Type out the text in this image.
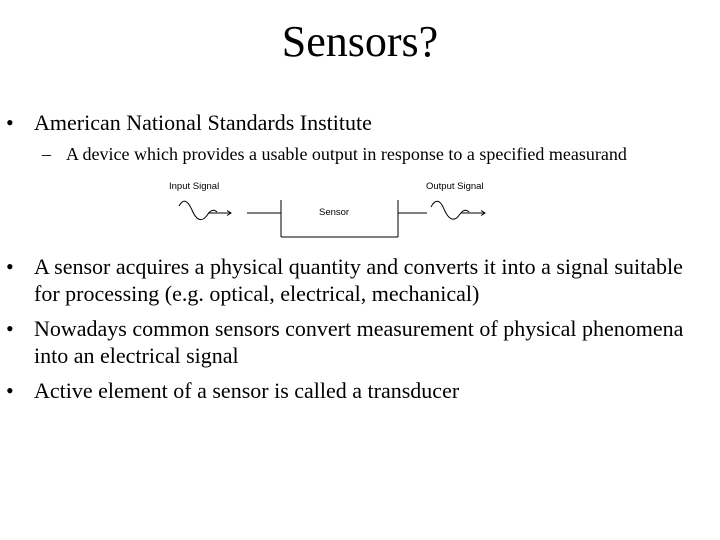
Sensors?
• American National Standards Institute
– A device which provides a usable output in response to a specified measurand
Input Signal	Output Signal
Sensor
• A sensor acquires a physical quantity and converts it into a signal suitable for processing (e.g. optical, electrical, mechanical)
• Nowadays common sensors convert measurement of physical phenomena into an electrical signal
• Active element of a sensor is called a transducer
